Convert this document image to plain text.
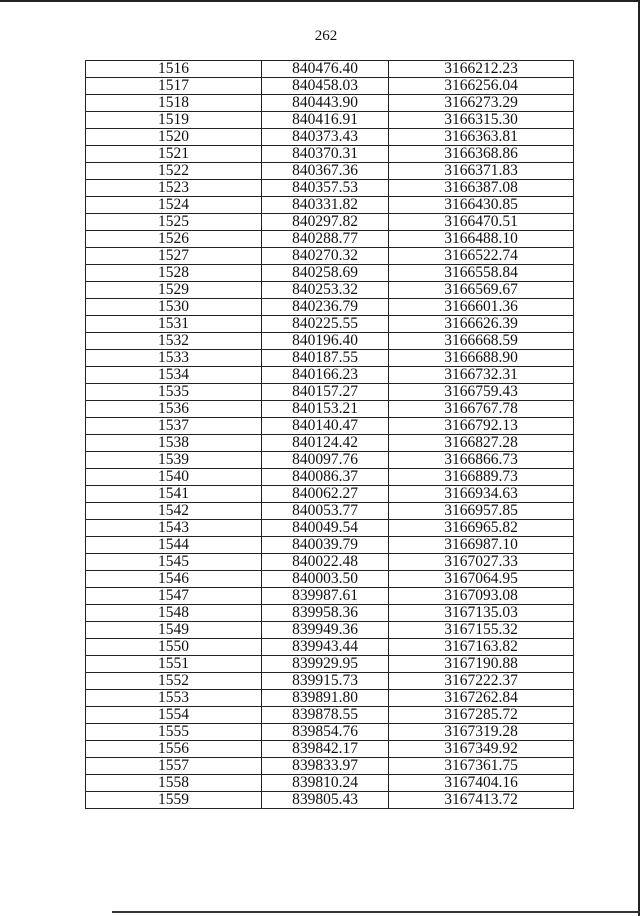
262
1516	840476.40	3166212.23
1517	840458.03	3166256.04
1518	840443.90	3166273.29
1519	840416.91	3166315.30
1520	840373.43	3166363.81
1521	840370.31	3166368.86
1522	840367.36	3166371.83
1523	840357.53	3166387.08
1524	840331.82	3166430.85
1525	840297.82	3166470.51
1526	840288.77	3166488.10
1527	840270.32	3166522.74
1528	840258.69	3166558.84
1529	840253.32	3166569.67
1530	840236.79	3166601.36
1531	840225.55	3166626.39
1532	840196.40	3166668.59
1533	840187.55	3166688.90
1534	840166.23	3166732.31
1535	840157.27	3166759.43
1536	840153.21	3166767.78
1537	840140.47	3166792.13
1538	840124.42	3166827.28
1539	840097.76	3166866.73
1540	840086.37	3166889.73
1541	840062.27	3166934.63
1542	840053.77	3166957.85
1543	840049.54	3166965.82
1544	840039.79	3166987.10
1545	840022.48	3167027.33
1546	840003.50	3167064.95
1547	839987.61	3167093.08
1548	839958.36	3167135.03
1549	839949.36	3167155.32
1550	839943.44	3167163.82
1551	839929.95	3167190.88
1552	839915.73	3167222.37
1553	839891.80	3167262.84
1554	839878.55	3167285.72
1555	839854.76	3167319.28
1556	839842.17	3167349.92
1557	839833.97	3167361.75
1558	839810.24	3167404.16
1559	839805.43	3167413.72
